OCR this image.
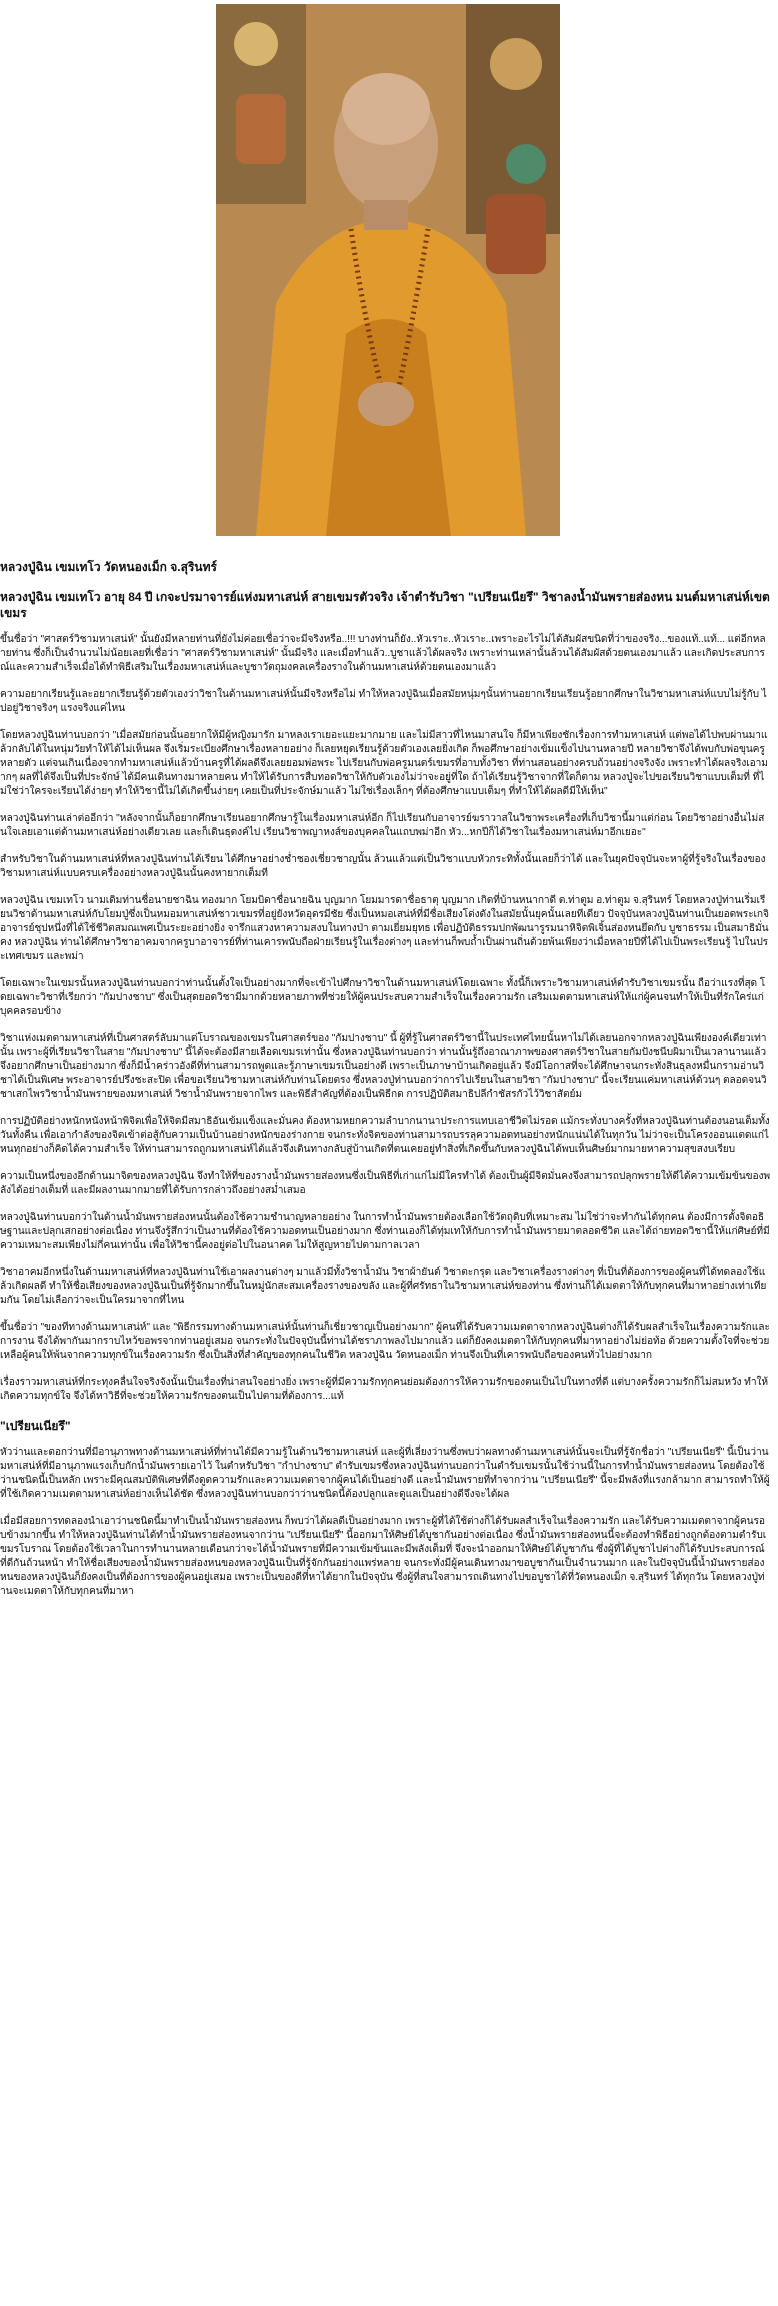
หลวงปู่ฉิน เขมเทโว วัดหนองเม็ก จ.สุรินทร์
หลวงปู่ฉิน เขมเทโว อายุ 84 ปี เกจะปรมาจารย์แห่งมหาเสน่ห์ สายเขมรตัวจริง เจ้าตำรับวิชา "เปรียนเนียรึ" วิชาลงน้ำมันพรายส่องหน มนต์มหาเสน่ห์เขตเขมร

ขึ้นชื่อว่า "ศาสตร์วิชามหาเสน่ห์" นั้นยังมีหลายท่านที่ยังไม่ค่อยเชื่อว่าจะมีจริงหรือ..!!! บางท่านก็ยัง..หัวเราะ..หัวเราะ..เพราะอะไรไม่ได้สัมผัสขนิดที่ว่าของจริง...ของแท้..แท้... แต่อีกหลายท่าน ซึ่งก็เป็นจำนวนไม่น้อยเลยที่เชื่อว่า "ศาสตร์วิชามหาเสน่ห์" นั้นมีจริง และเมื่อทำแล้ว..บูชาแล้วได้ผลจริง เพราะท่านเหล่านั้นล้วนได้สัมผัสด้วยตนเองมาแล้ว และเกิดประสบการณ์และความสำเร็จเมื่อได้ทำพิธีเสริมในเรื่องมหาเสน่ห์และบูชาวัตถุมงคลเครื่องรางในด้านมหาเสน่ห์ด้วยตนเองมาแล้ว

ความอยากเรียนรู้และอยากเรียนรู้ด้วยตัวเองว่าวิชาในด้านมหาเสน่ห์นั้นมีจริงหรือไม่ ทำให้หลวงปู่ฉินเมื่อสมัยหนุ่มๆนั้นท่านอยากเรียนเรียนรู้อยากศึกษาในวิชามหาเสน่ห์แบบไม่รู้กับ ไปอยู่วิชาจริงๆ แรงจริงแค่ไหน

โดยหลวงปู่ฉินท่านบอกว่า "เมื่อสมัยก่อนนั้นอยากให้มีผู้หญิงมารัก มาหลงเราเยอะแยะมากมาย และไม่มีสาวที่ไหนมาสนใจ ก็มีหาเพียงชักเรื่องการทำมหาเสน่ห์ แต่พอได้ไปพบผ่านมาแล้วกลับได้ในหนุ่มวัยทำให้ได้ไม่เห็นผล จึงเริ่มระเบียงศึกษาเรื่องหลายอย่าง ก็เลยหยุดเรียนรู้ด้วยตัวเองเลยยิ่งเกิด ก็พอศึกษาอย่างเข้มแข็งไปนานหลายปี หลายวิชาจึงได้พบกับพ่อขุนครูหลายตัว แต่จนเกินเนื่องจากทำมหาเสน่ห์แล้วบ้านครูที่ได้ผลดีจึงเลยยอมพ่อพระ ไปเรียนกับพ่อครูมนตร์เขมรที่อาบทั้งวิชา ที่ท่านสอนอย่างครบถ้วนอย่างจริงจัง เพราะทำได้ผลจริงเอามากๆ ผลที่ได้จึงเป็นที่ประจักษ์ ได้มีคนเดินทางมาหลายคน ทำให้ได้รับการสืบทอดวิชาให้กับตัวเองไม่ว่าจะอยู่ที่ใด ถ้าได้เรียนรู้วิชาจากที่ใดก็ตาม หลวงปู่จะไปขอเรียนวิชาแบบเต็มที่ ที่ไม่ใช่ว่าใครจะเรียนได้ง่ายๆ ทำให้วิชานี้ไม่ได้เกิดขึ้นง่ายๆ เคยเป็นที่ประจักษ์มาแล้ว ไม่ใช่เรื่องเล็กๆ ที่ต้องศึกษาแบบเต็มๆ ที่ทำให้ได้ผลดีมีให้เห็น"

หลวงปู่ฉินท่านเล่าต่ออีกว่า "หลังจากนั้นก็อยากศึกษาเรียนอยากศึกษารู้ในเรื่องมหาเสน่ห์อีก ก็ไปเรียนกับอาจารย์ฆราวาสในวิชาพระเครื่องที่เก็บวิชานี้มาแต่ก่อน โดยวิชาอย่างอื่นไม่สนใจเลยเอาแต่ด้านมหาเสน่ห์อย่างเดียวเลย และก็เดินธุดงค์ไป เรียนวิชาพญาหงส์ของบุคคลในแถบพม่าอีก หัว...หกปีก็ได้วิชาในเรื่องมหาเสน่ห์มาอีกเยอะ"

สำหรับวิชาในด้านมหาเสน่ห์ที่หลวงปู่ฉินท่านได้เรียน ได้ศึกษาอย่างช่ำชองเชี่ยวชาญนั้น ล้วนแล้วแต่เป็นวิชาแบบหัวกระทิทั้งนั้นเลยก็ว่าได้ และในยุคปัจจุบันจะหาผู้ที่รู้จริงในเรื่องของวิชามหาเสน่ห์แบบครบเครื่องอย่างหลวงปู่ฉินนั้นคงหายากเต็มที

หลวงปู่ฉิน เขมเทโว นามเดิมท่านชื่อนายชาฉิน ทองมาก โยมบิดาชื่อนายฉิน บุญมาก โยมมารดาชื่อธาตุ บุญมาก เกิดที่บ้านหนากาดี ต.ท่าตูม อ.ท่าตูม จ.สุรินทร์ โดยหลวงปู่ท่านเริ่มเรียนวิชาด้านมหาเสน่ห์กับโยมปู่ซึ่งเป็นหมอมหาเสน่ห์ชาวเขมรที่อยู่ยังหวัดอุดรมีชัย ซึ่งเป็นหมอเสน่ห์ที่มีชื่อเสียงโด่งดังในสมัยนั้นยุคนั้นเลยทีเดียว ปัจจุบันหลวงปู่ฉินท่านเป็นยอดพระเกจิอาจารย์ชุปหนึ่งที่ได้ใช้ชีวิตสมณเพศเป็นระยะอย่างยิ่ง จารึกแสวงหาความสงบในทางป่า ตามเยี่ยมยุทธ เพื่อปฏิบัติธรรมปกพัฒนารูรมนาหิจิตพิเจิ้นส่องหนยึดกับ บูชาธรรม เป็นสมาธิมั่นคง หลวงปู่ฉิน ท่านได้ศึกษาวิชาอาคมจากครูบาอาจารย์ที่ท่านเคารพนับถือฝ่ายเรียนรู้ในเรื่องต่างๆ และท่านก็พบถ้ำเป็นผ่านถิ่นด้วยพ้นเพียงว่าเมื่อหลายปีที่ได้ไปเป็นพระเรียนรู้ ไปในประเทศเขมร และพม่า

โดยเฉพาะในเขมรนั้นหลวงปู่ฉินท่านบอกว่าท่านนั้นตั้งใจเป็นอย่างมากที่จะเข้าไปศึกษาวิชาในด้านมหาเสน่ห์โดยเฉพาะ ทั้งนี้ก็เพราะวิชามหาเสน่ห์ตำรับวิชาเขมรนั้น ถือว่าแรงที่สุด โดยเฉพาะวิชาที่เรียกว่า "กัมปางชาบ" ซึ่งเป็นสุดยอดวิชามีมากด้วยหลายภาพที่ช่วยให้ผู้คนประสบความสำเร็จในเรื่องความรัก เสริมเมตตามหาเสน่ห์ให้แก่ผู้คนจนทำให้เป็นที่รักใคร่แก่บุคคลรอบข้าง

วิชาแห่งเมตตามหาเสน่ห์ที่เป็นศาสตร์ลับมาแต่โบราณของเขมรในศาสตร์ของ "กัมปางชาบ" นี้ ผู้ที่รู้ในศาสตร์วิชานี้ในประเทศไทยนั้นหาไม่ได้เลยนอกจากหลวงปู่ฉินเพียงองค์เดียวเท่านั้น เพราะผู้ที่เรียนวิชาในสาย "กัมปางชาบ" นี้ได้จะต้องมีสายเลือดเขมรเท่านั้น ซึ่งหลวงปู่ฉินท่านบอกว่า ท่านนั้นรู้ถึงอาณาภาพของศาสตร์วิชาในสายกัมปังชนีบผิมาเป็นเวลานานแล้ว จึงอยากศึกษาเป็นอย่างมาก ซึ่งก็มีน้ำคร่าวอังดีที่ท่านสามารถพูดและรู้ภาษาเขมรเป็นอย่างดี เพราะเป็นภาษาบ้านเกิดอยู่แล้ว จึงมีโอกาสที่จะได้ศึกษาจนกระทั่งสินธุลงหมื่นกรามอ่านวิชาได้เป็นพิเศษ พระอาจารย์ปรึงชะสะปิด เพื่อขอเรียนวิชามหาเสน่ห์กับท่านโดยตรง ซึ่งหลวงปู่ท่านบอกว่าการไปเรียนในสายวิชา "กัมปางชาบ" นี้จะเรียนแค่มหาเสน่ห์ด้วนๆ ตลอดจนวิชาเสกไพรวิชาน้ำมันพรายของมหาเสน่ห์ วิชาน้ำมันพรายจากไพร และพิธีสำคัญที่ต้องเป็นพิธีกด การปฏิบัติสมาธิปลีกำชัสรกัวไว้วิชาสัตย์ม

การปฏิบัติอย่างหนักหนังหน้าพิจิตเพื่อให้จิตมีสมาธิอันเข้มแข็งและมั่นคง ต้องหามหยกความลำบากนานาประการแทบเอาชีวิตไม่รอด แม้กระทั่งบางครั้งที่หลวงปู่ฉินท่านต้องนอนเต็มทั้งวันทั้งคืน เพื่อเอากำลังของจิตเข้าต่อสู้กับความเป็นบ้านอย่างหนักของร่างกาย จนกระทั่งจิตของท่านสามารถบรรลุความอดทนอย่างหนักแน่นได้ในทุกวัน ไม่ว่าจะเป็นโครงออนแตดแก่ไหนทุกอย่างก็คิดได้ความสำเร็จ ให้ท่านสามารถถูกมหาเสน่ห์ได้แล้วจึงเดินทางกลับสู่บ้านเกิดที่ตนเคยอยู่ทำสิ่งที่เกิดขึ้นกับหลวงปู่ฉินได้พบเห็นศิษย์มากมายหาความสุขสงบเรียบ

ความเป็นหนึ่งของอีกด้านมาจิตของหลวงปู่ฉิน จึงทำให้ที่ของรางน้ำมันพรายส่องหนซึ่งเป็นพิธีที่เก่าแก่ไม่มีใครทำได้ ต้องเป็นผู้มีจิตมั่นคงจึงสามารถปลุกพรายให้ดีได้ความเข้มข้นของพลังได้อย่างเต็มที่ และมีผลงานมากมายที่ได้รับการกล่าวถึงอย่างสม่ำเสมอ

หลวงปู่ฉินท่านบอกว่าในด้านน้ำมันพรายส่องหนนั้นต้องใช้ความชำนาญหลายอย่าง ในการทำน้ำมันพรายต้องเลือกใช้วัตถุดิบที่เหมาะสม ไม่ใช่ว่าจะทำกันได้ทุกคน ต้องมีการตั้งจิตอธิษฐานและปลุกเสกอย่างต่อเนื่อง ท่านจึงรู้สึกว่าเป็นงานที่ต้องใช้ความอดทนเป็นอย่างมาก ซึ่งท่านเองก็ได้ทุ่มเทให้กับการทำน้ำมันพรายมาตลอดชีวิต และได้ถ่ายทอดวิชานี้ให้แก่ศิษย์ที่มีความเหมาะสมเพียงไม่กี่คนเท่านั้น เพื่อให้วิชานี้คงอยู่ต่อไปในอนาคต ไม่ให้สูญหายไปตามกาลเวลา

วิชาอาคมอีกหนึ่งในด้านมหาเสน่ห์ที่หลวงปู่ฉินท่านใช้เอาผลงานต่างๆ มาแล้วมีทั้งวิชาน้ำมัน วิชาผ้ายันต์ วิชาตะกรุด และวิชาเครื่องรางต่างๆ ที่เป็นที่ต้องการของผู้คนที่ได้ทดลองใช้แล้วเกิดผลดี ทำให้ชื่อเสียงของหลวงปู่ฉินเป็นที่รู้จักมากขึ้นในหมู่นักสะสมเครื่องรางของขลัง และผู้ที่ศรัทธาในวิชามหาเสน่ห์ของท่าน ซึ่งท่านก็ได้เมตตาให้กับทุกคนที่มาหาอย่างเท่าเทียมกัน โดยไม่เลือกว่าจะเป็นใครมาจากที่ไหน

ขึ้นชื่อว่า "ของทีทางด้านมหาเสน่ห์" และ "พิธีกรรมทางด้านมหาเสน่ห์นั้นท่านก็เชี่ยวชาญเป็นอย่างมาก" ผู้คนที่ได้รับความเมตตาจากหลวงปู่ฉินต่างก็ได้รับผลสำเร็จในเรื่องความรักและการงาน จึงได้พากันมากราบไหว้ขอพรจากท่านอยู่เสมอ จนกระทั่งในปัจจุบันนี้ท่านได้ชราภาพลงไปมากแล้ว แต่ก็ยังคงเมตตาให้กับทุกคนที่มาหาอย่างไม่ย่อท้อ ด้วยความตั้งใจที่จะช่วยเหลือผู้คนให้พ้นจากความทุกข์ในเรื่องความรัก ซึ่งเป็นสิ่งที่สำคัญของทุกคนในชีวิต หลวงปู่ฉิน วัดหนองเม็ก ท่านจึงเป็นที่เคารพนับถือของคนทั่วไปอย่างมาก

เรื่องราวมหาเสน่ห์ที่กระทุงคลื่นใจจริงจังนั้นเป็นเรื่องที่น่าสนใจอย่างยิ่ง เพราะผู้ที่มีความรักทุกคนย่อมต้องการให้ความรักของตนเป็นไปในทางที่ดี แต่บางครั้งความรักก็ไม่สมหวัง ทำให้เกิดความทุกข์ใจ จึงได้หาวิธีที่จะช่วยให้ความรักของตนเป็นไปตามที่ต้องการ...แท้

"เปรียนเนียรึ"

หัวว่านและดอกว่านที่มีอานุภาพทางด้านมหาเสน่ห์ที่ท่านได้มีความรู้ในด้านวิชามหาเสน่ห์ และผู้ที่เลี่ยงว่านซึ่งพบว่าผลทางด้านมหาเสน่ห์นั้นจะเป็นที่รู้จักชื่อว่า "เปรียนเนียรึ" นี้เป็นว่านมหาเสน่ห์ที่มีอานุภาพแรงเก็บกักน้ำมันพรายเอาไว้ ในตำหรับวิชา "กำปางชาบ" ตำรับเขมรซึ่งหลวงปู่ฉินท่านบอกว่าในตำรับเขมรนั้นใช้ว่านนี้ในการทำน้ำมันพรายส่องหน โดยต้องใช้ว่านชนิดนี้เป็นหลัก เพราะมีคุณสมบัติพิเศษที่ดึงดูดความรักและความเมตตาจากผู้คนได้เป็นอย่างดี และน้ำมันพรายที่ทำจากว่าน "เปรียนเนียรึ" นี้จะมีพลังที่แรงกล้ามาก สามารถทำให้ผู้ที่ใช้เกิดความเมตตามหาเสน่ห์อย่างเห็นได้ชัด ซึ่งหลวงปู่ฉินท่านบอกว่าว่านชนิดนี้ต้องปลูกและดูแลเป็นอย่างดีจึงจะได้ผล

เมื่อมีสอยการทดลองนำเอาว่านชนิดนี้มาทำเป็นน้ำมันพรายส่องหน ก็พบว่าได้ผลดีเป็นอย่างมาก เพราะผู้ที่ได้ใช้ต่างก็ได้รับผลสำเร็จในเรื่องความรัก และได้รับความเมตตาจากผู้คนรอบข้างมากขึ้น ทำให้หลวงปู่ฉินท่านได้ทำน้ำมันพรายส่องหนจากว่าน "เปรียนเนียรึ" นี้ออกมาให้ศิษย์ได้บูชากันอย่างต่อเนื่อง ซึ่งน้ำมันพรายส่องหนนี้จะต้องทำพิธีอย่างถูกต้องตามตำรับเขมรโบราณ โดยต้องใช้เวลาในการทำนานหลายเดือนกว่าจะได้น้ำมันพรายที่มีความเข้มข้นและมีพลังเต็มที่ จึงจะนำออกมาให้ศิษย์ได้บูชากัน ซึ่งผู้ที่ได้บูชาไปต่างก็ได้รับประสบการณ์ที่ดีกันถ้วนหน้า ทำให้ชื่อเสียงของน้ำมันพรายส่องหนของหลวงปู่ฉินเป็นที่รู้จักกันอย่างแพร่หลาย จนกระทั่งมีผู้คนเดินทางมาขอบูชากันเป็นจำนวนมาก และในปัจจุบันนี้น้ำมันพรายส่องหนของหลวงปู่ฉินก็ยังคงเป็นที่ต้องการของผู้คนอยู่เสมอ เพราะเป็นของดีที่หาได้ยากในปัจจุบัน ซึ่งผู้ที่สนใจสามารถเดินทางไปขอบูชาได้ที่วัดหนองเม็ก จ.สุรินทร์ ได้ทุกวัน โดยหลวงปู่ท่านจะเมตตาให้กับทุกคนที่มาหา
